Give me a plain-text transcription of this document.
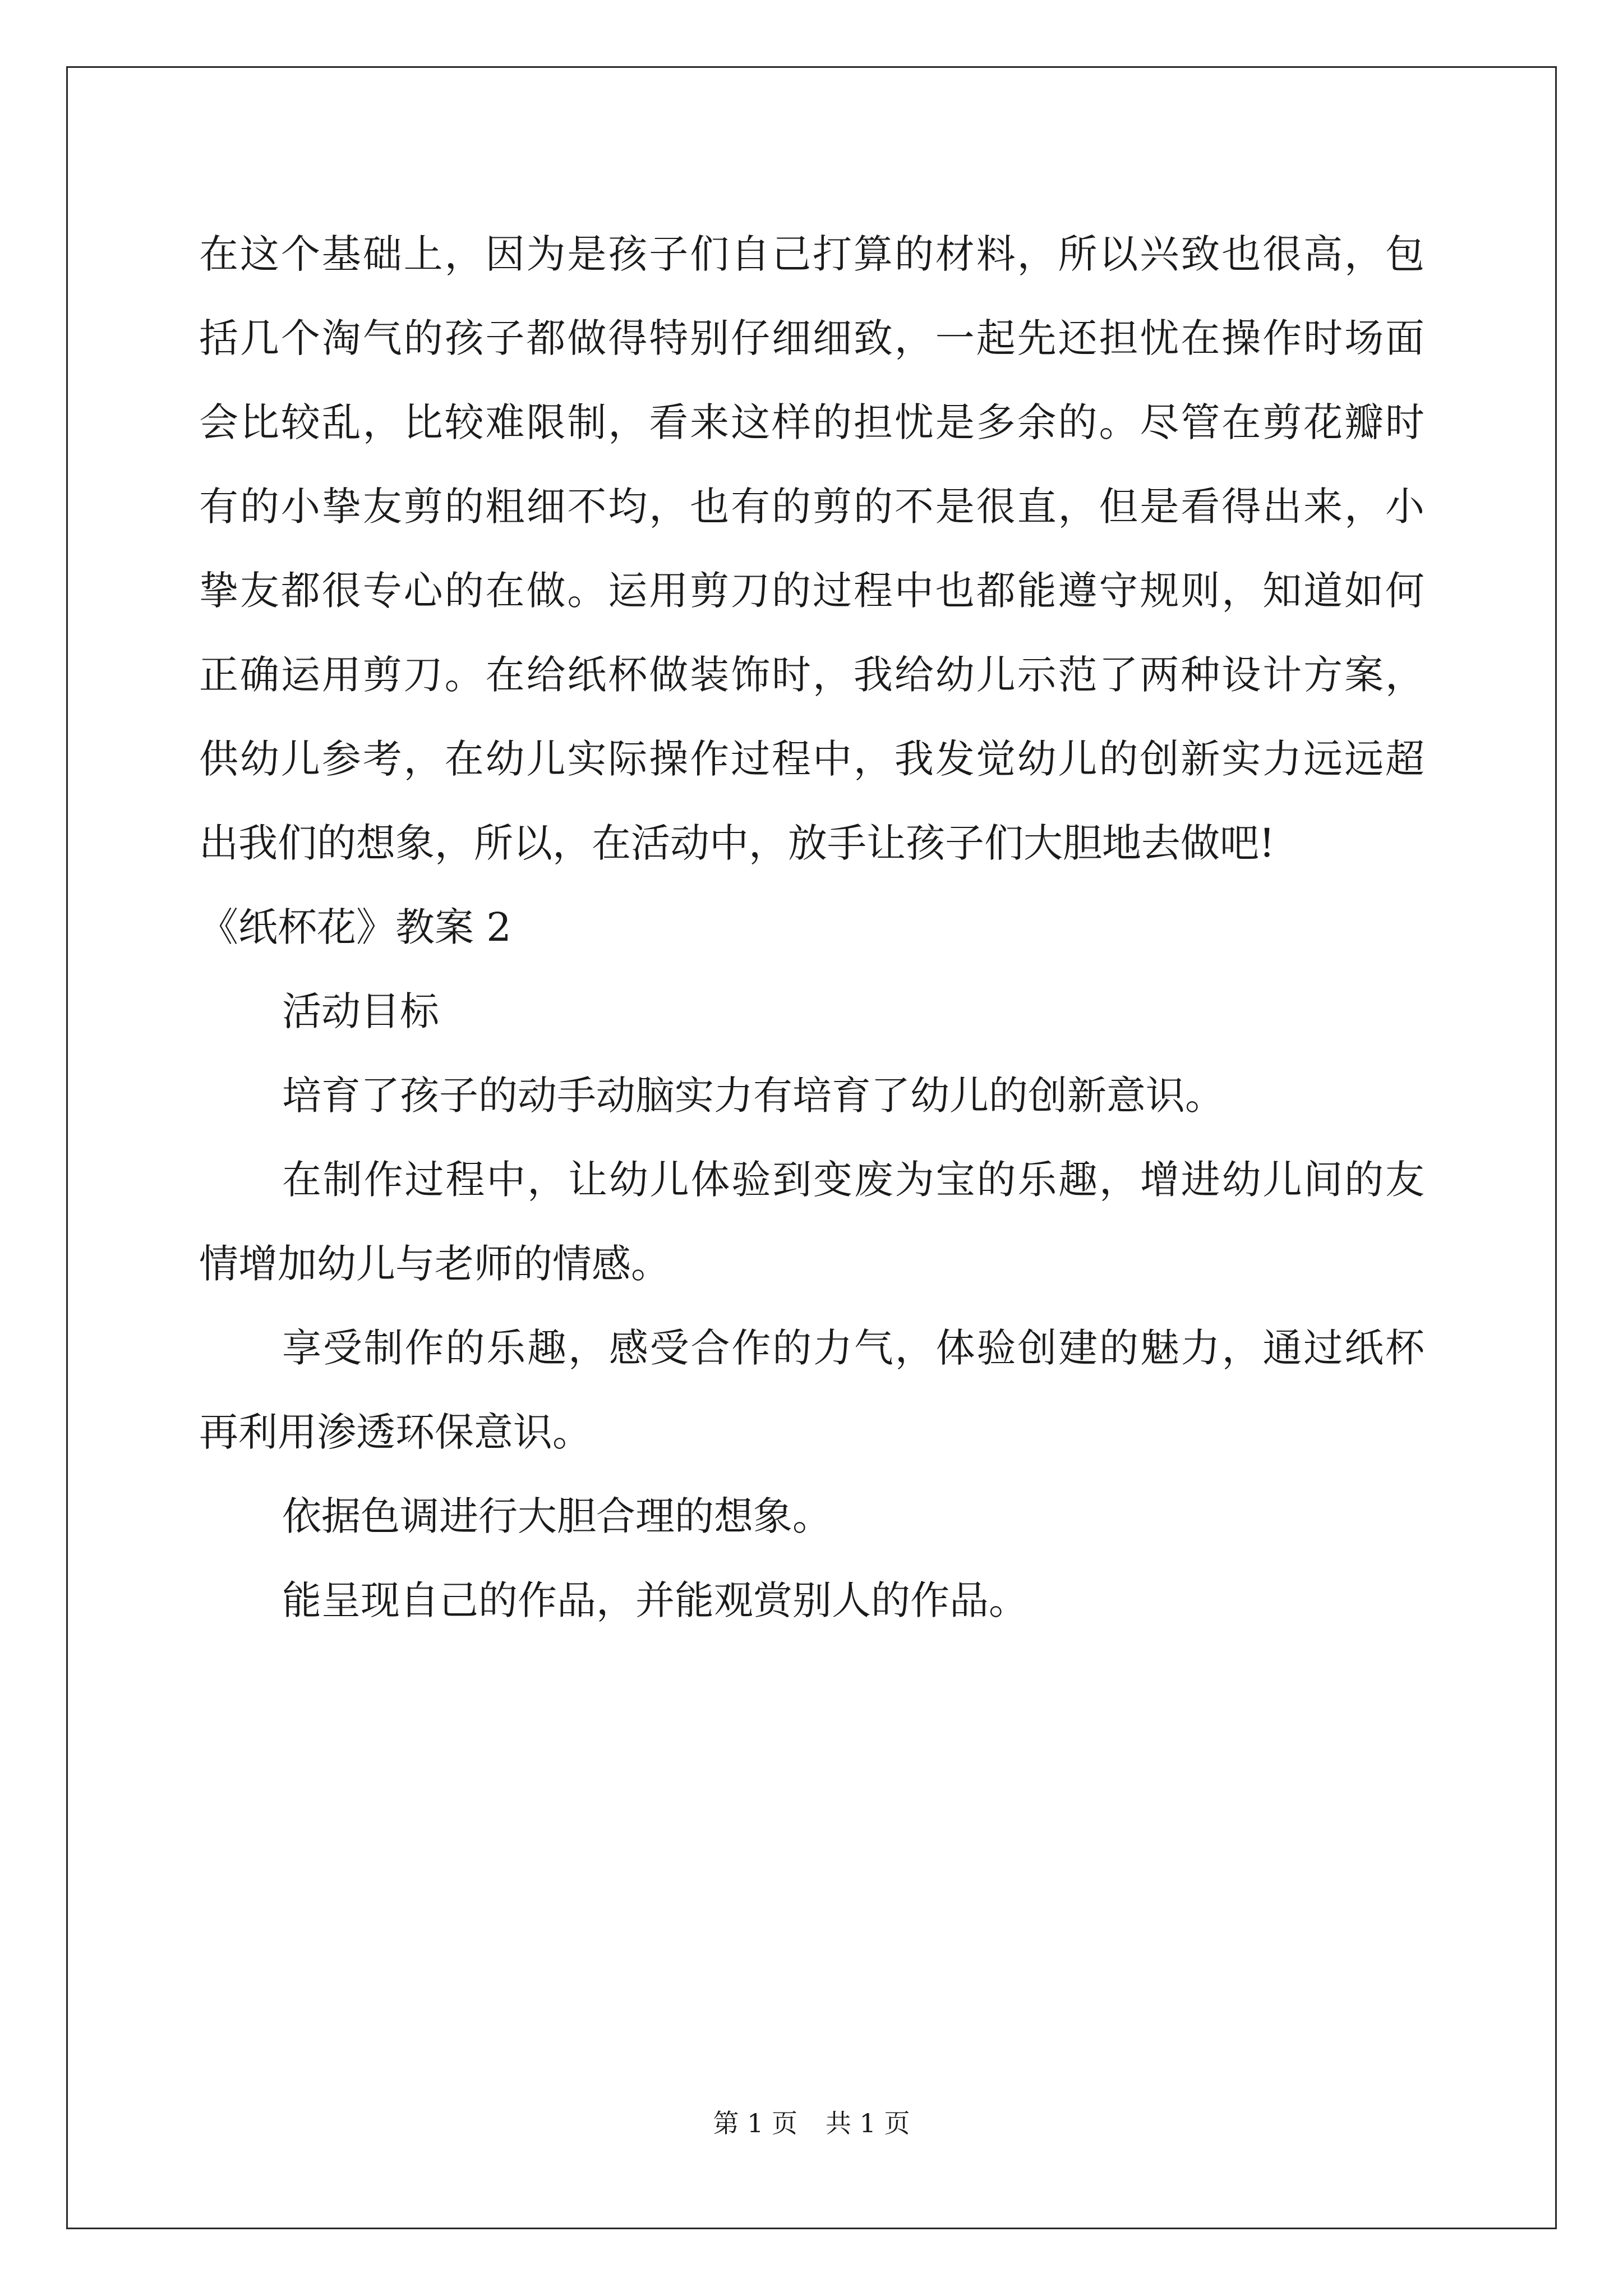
在这个基础上，因为是孩子们自己打算的材料，所以兴致也很高，包
括几个淘气的孩子都做得特别仔细细致，一起先还担忧在操作时场面
会比较乱，比较难限制，看来这样的担忧是多余的。尽管在剪花瓣时
有的小挚友剪的粗细不均，也有的剪的不是很直，但是看得出来，小
挚友都很专心的在做。运用剪刀的过程中也都能遵守规则，知道如何
正确运用剪刀。在给纸杯做装饰时，我给幼儿示范了两种设计方案，
供幼儿参考，在幼儿实际操作过程中，我发觉幼儿的创新实力远远超
出我们的想象，所以，在活动中，放手让孩子们大胆地去做吧!
《纸杯花》教案 2
活动目标
培育了孩子的动手动脑实力有培育了幼儿的创新意识。
在制作过程中，让幼儿体验到变废为宝的乐趣，增进幼儿间的友
情增加幼儿与老师的情感。
享受制作的乐趣，感受合作的力气，体验创建的魅力，通过纸杯
再利用渗透环保意识。
依据色调进行大胆合理的想象。
能呈现自己的作品，并能观赏别人的作品。
第 1 页 共 1 页
